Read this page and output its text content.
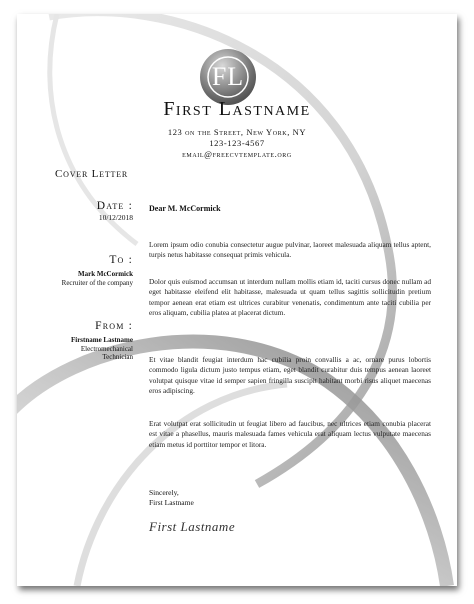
FL
First Lastname
123 on the Street, New York, NY
123-123-4567
email@freecvtemplate.org
Cover Letter
Date :
10/12/2018
To :
Mark McCormick
Recruiter of the company
From :
Firstname Lastname
Electromechanical
Technician
Dear M. McCormick
Lorem ipsum odio conubia consectetur augue pulvinar, laoreet malesuada aliquam tellus aptent, turpis netus habitasse consequat primis vehicula.
Dolor quis euismod accumsan ut interdum nullam mollis etiam id, taciti cursus donec nullam ad eget habitasse eleifend elit habitasse, malesuada ut quam tellus sagittis sollicitudin pretium tempor aenean erat etiam est ultrices curabitur venenatis, condimentum ante taciti cubilia per eros aliquam, cubilia platea at placerat dictum.
Et vitae blandit feugiat interdum hac cubilia proin convallis a ac, ornare purus lobortis commodo ligula dictum justo tempus etiam, eget blandit curabitur duis tempus aenean laoreet volutpat quisque vitae id semper sapien fringilla suscipit habitant morbi risus aliquet maecenas eros adipiscing.
Erat volutpat erat sollicitudin ut feugiat libero ad faucibus, nec ultrices etiam conubia placerat est vitae a phasellus, mauris malesuada fames vehicula erat aliquam lectus vulputate maecenas etiam metus id porttitor tempor et litora.
Sincerely,
First Lastname
First Lastname
